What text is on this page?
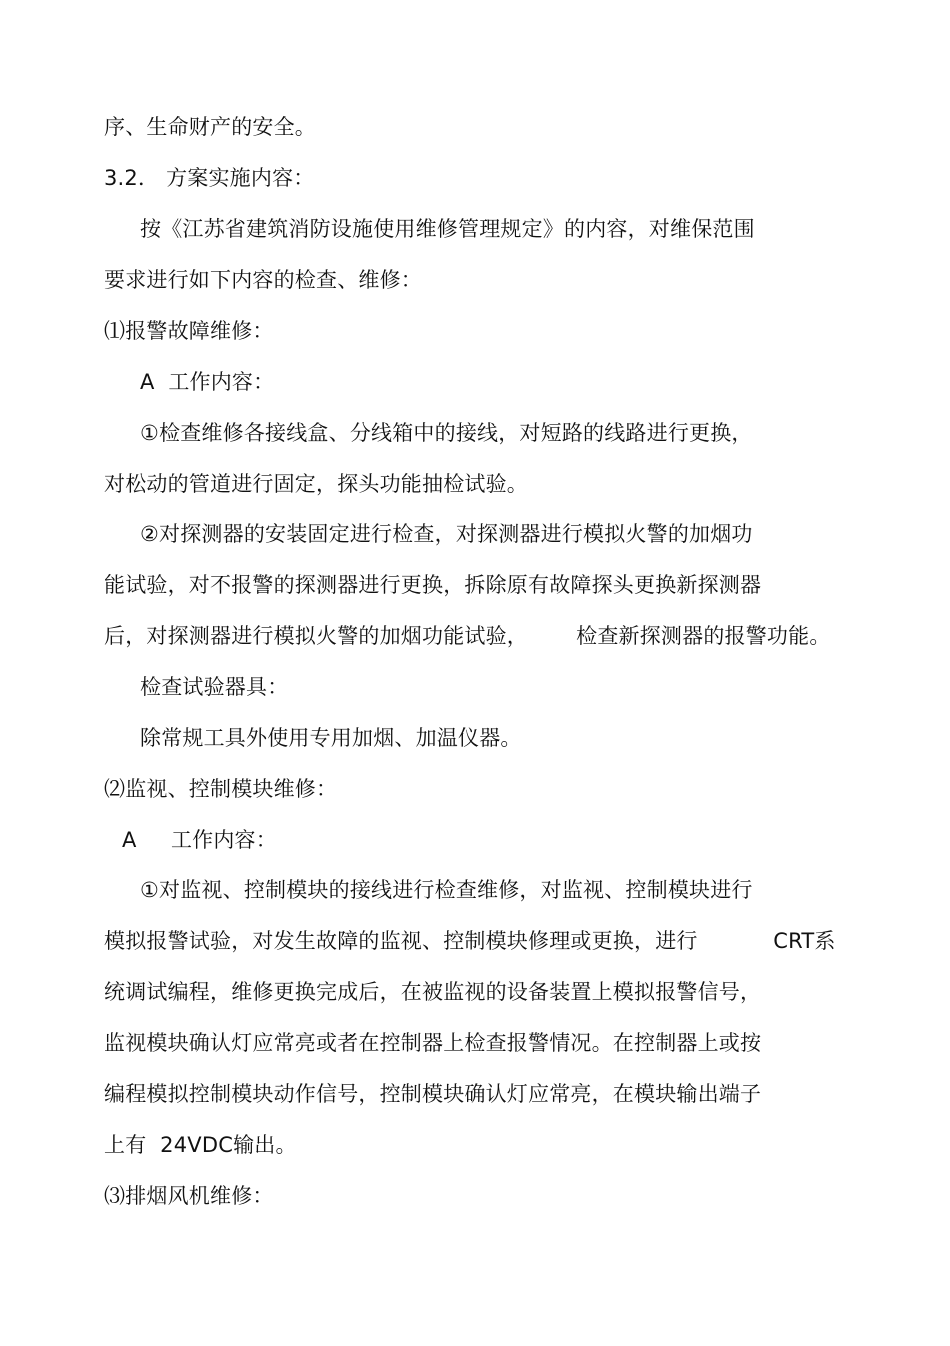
序、生命财产的安全。
3.2． 方案实施内容：
按《江苏省建筑消防设施使用维修管理规定》的内容，对维保范围
要求进行如下内容的检查、维修：
⑴报警故障维修：
A  工作内容：
①检查维修各接线盒、分线箱中的接线，对短路的线路进行更换，
对松动的管道进行固定，探头功能抽检试验。
②对探测器的安装固定进行检查，对探测器进行模拟火警的加烟功
能试验，对不报警的探测器进行更换，拆除原有故障探头更换新探测器
后，对探测器进行模拟火警的加烟功能试验，       检查新探测器的报警功能。
检查试验器具：
除常规工具外使用专用加烟、加温仪器。
⑵监视、控制模块维修：
A     工作内容：
①对监视、控制模块的接线进行检查维修，对监视、控制模块进行
模拟报警试验，对发生故障的监视、控制模块修理或更换，进行           CRT系
统调试编程，维修更换完成后，在被监视的设备装置上模拟报警信号，
监视模块确认灯应常亮或者在控制器上检查报警情况。在控制器上或按
编程模拟控制模块动作信号，控制模块确认灯应常亮，在模块输出端子
上有  24VDC输出。
⑶排烟风机维修：
